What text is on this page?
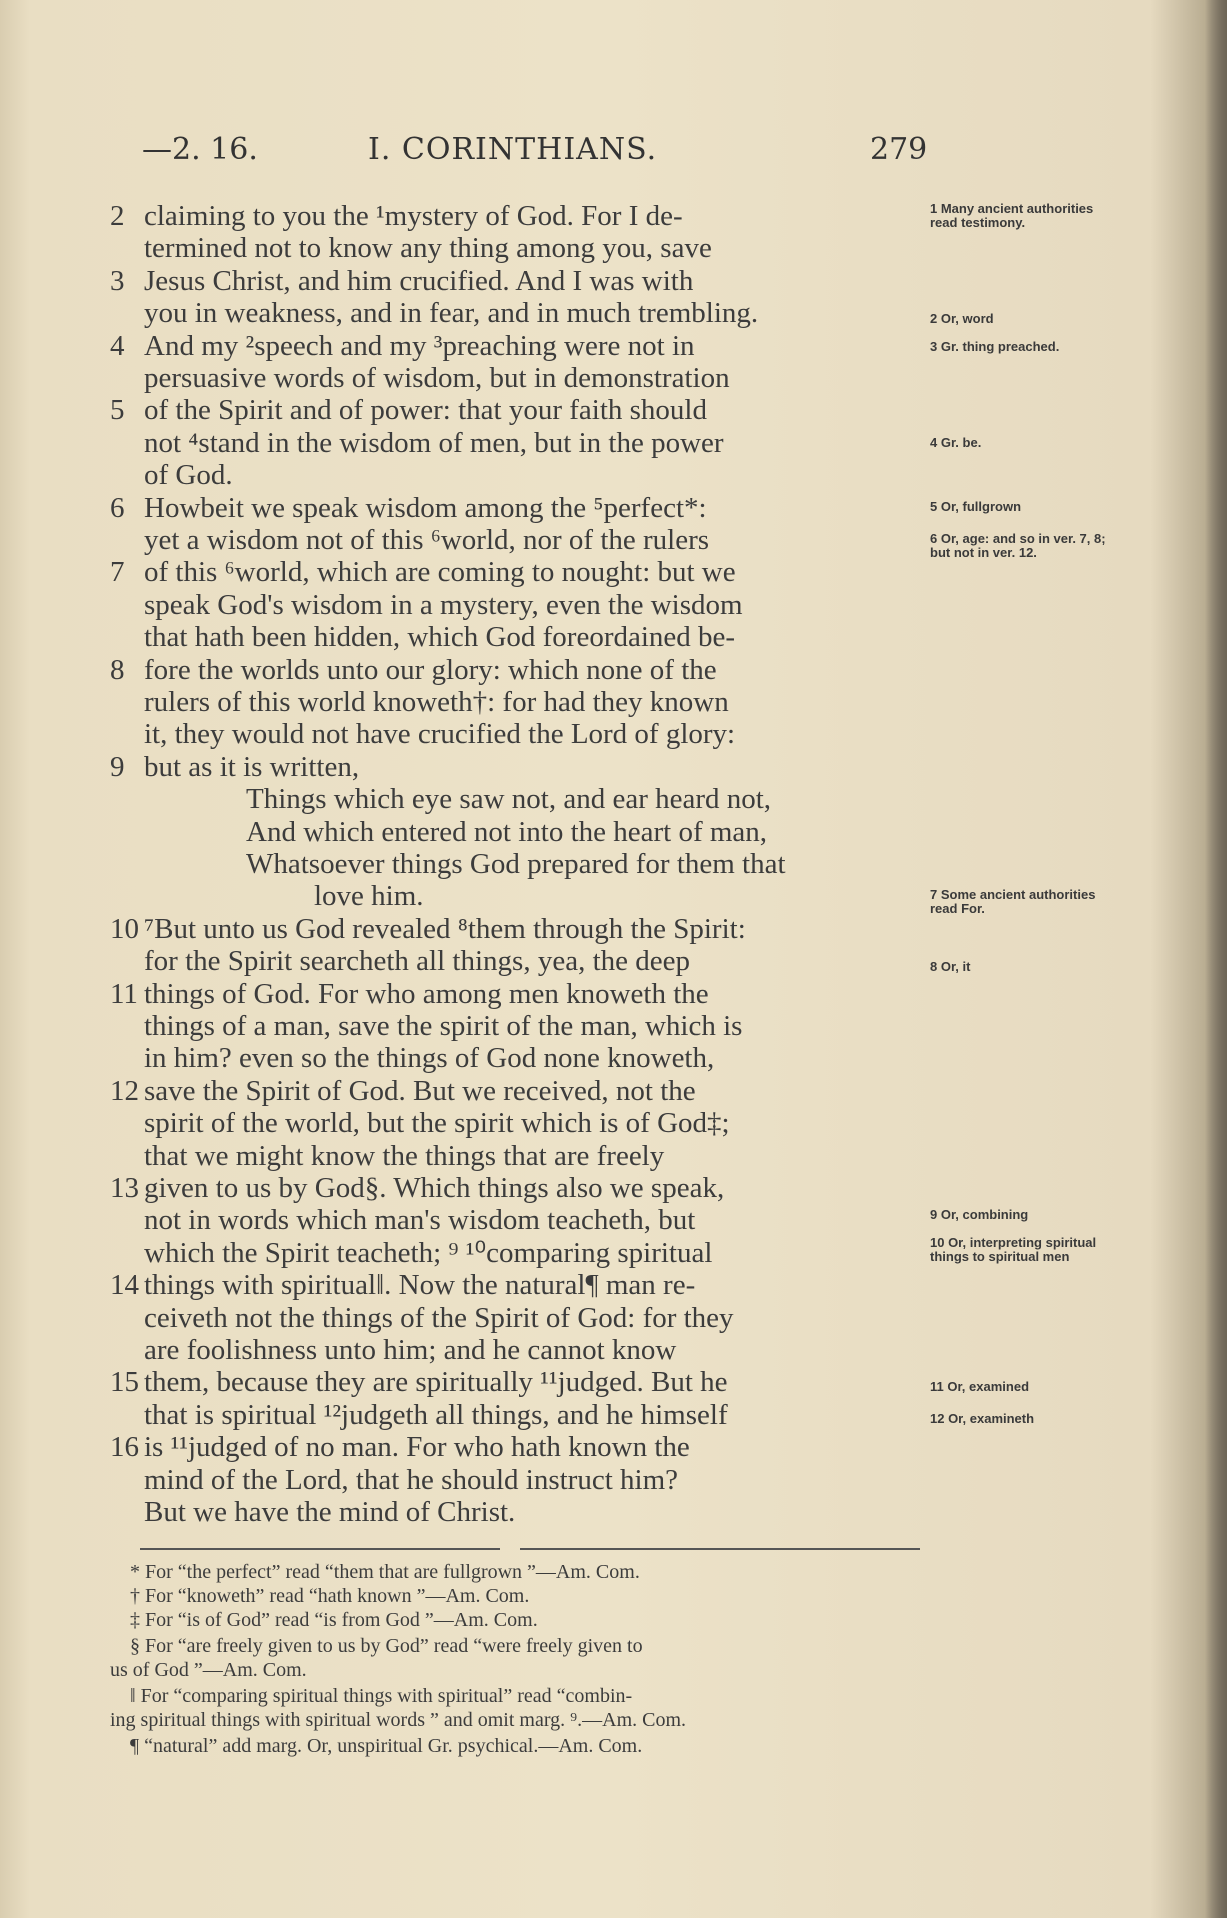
—2. 16.	I. CORINTHIANS.	279
2 claiming to you the ¹mystery of God. For I de-
termined not to know any thing among you, save
3 Jesus Christ, and him crucified. And I was with
you in weakness, and in fear, and in much trembling.
4 And my ²speech and my ³preaching were not in
persuasive words of wisdom, but in demonstration
5 of the Spirit and of power: that your faith should
not ⁴stand in the wisdom of men, but in the power
of God.
6 Howbeit we speak wisdom among the ⁵perfect*:
yet a wisdom not of this ⁶world, nor of the rulers
7 of this ⁶world, which are coming to nought: but we
speak God's wisdom in a mystery, even the wisdom
that hath been hidden, which God foreordained be-
8 fore the worlds unto our glory: which none of the
rulers of this world knoweth†: for had they known
it, they would not have crucified the Lord of glory:
9 but as it is written,
Things which eye saw not, and ear heard not,
And which entered not into the heart of man,
Whatsoever things God prepared for them that
love him.
10 ⁷But unto us God revealed ⁸them through the Spirit:
for the Spirit searcheth all things, yea, the deep
11 things of God. For who among men knoweth the
things of a man, save the spirit of the man, which is
in him? even so the things of God none knoweth,
12 save the Spirit of God. But we received, not the
spirit of the world, but the spirit which is of God‡;
that we might know the things that are freely
13 given to us by God§. Which things also we speak,
not in words which man's wisdom teacheth, but
which the Spirit teacheth; ⁹ ¹⁰comparing spiritual
14 things with spiritual‖. Now the natural¶ man re-
ceiveth not the things of the Spirit of God: for they
are foolishness unto him; and he cannot know
15 them, because they are spiritually ¹¹judged. But he
that is spiritual ¹²judgeth all things, and he himself
16 is ¹¹judged of no man. For who hath known the
mind of the Lord, that he should instruct him?
But we have the mind of Christ.
1 Many ancient authorities read testimony.
2 Or, word
3 Gr. thing preached.
4 Gr. be.
5 Or, fullgrown
6 Or, age: and so in ver. 7, 8; but not in ver. 12.
7 Some ancient authorities read For.
8 Or, it
9 Or, combining
10 Or, interpreting spiritual things to spiritual men
11 Or, examined
12 Or, examineth
* For “the perfect” read “them that are fullgrown ”—Am. Com.
† For “knoweth” read “hath known ”—Am. Com.
‡ For “is of God” read “is from God ”—Am. Com.
§ For “are freely given to us by God” read “were freely given to
us of God ”—Am. Com.
‖ For “comparing spiritual things with spiritual” read “combin-
ing spiritual things with spiritual words ” and omit marg. ⁹.—Am. Com.
¶ “natural” add marg. Or, unspiritual Gr. psychical.—Am. Com.
